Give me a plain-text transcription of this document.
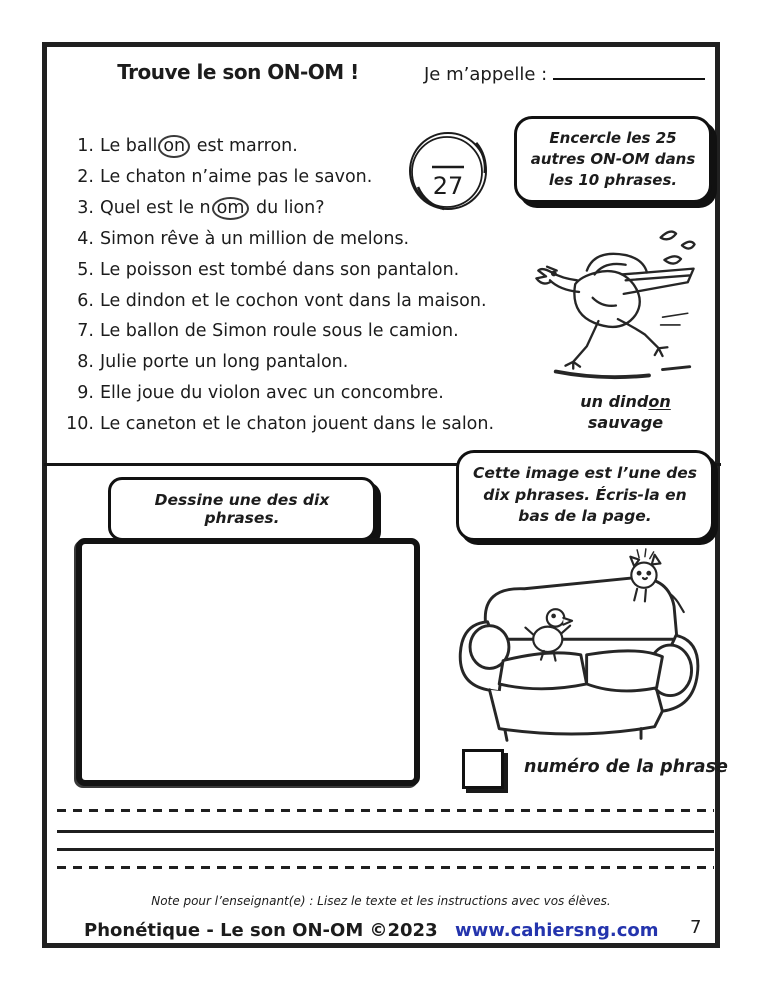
Trouve le son ON-OM !	Je m’appelle :
1. Le ball on est marron.
2. Le chaton n’aime pas le savon.
3. Quel est le n om du lion?
4. Simon rêve à un million de melons.
5. Le poisson est tombé dans son pantalon.
6. Le dindon et le cochon vont dans la maison.
7. Le ballon de Simon roule sous le camion.
8. Julie porte un long pantalon.
9. Elle joue du violon avec un concombre.
10. Le caneton et le chaton jouent dans le salon.
27
Encercle les 25
autres ON-OM dans
les 10 phrases.
un dindon
sauvage
Dessine une des dix phrases.
Cette image est l’une des
dix phrases. Écris-la en
bas de la page.
numéro de la phrase
Note pour l’enseignant(e) : Lisez le texte et les instructions avec vos élèves.
Phonétique - Le son ON-OM ©2023 www.cahiersng.com 7
